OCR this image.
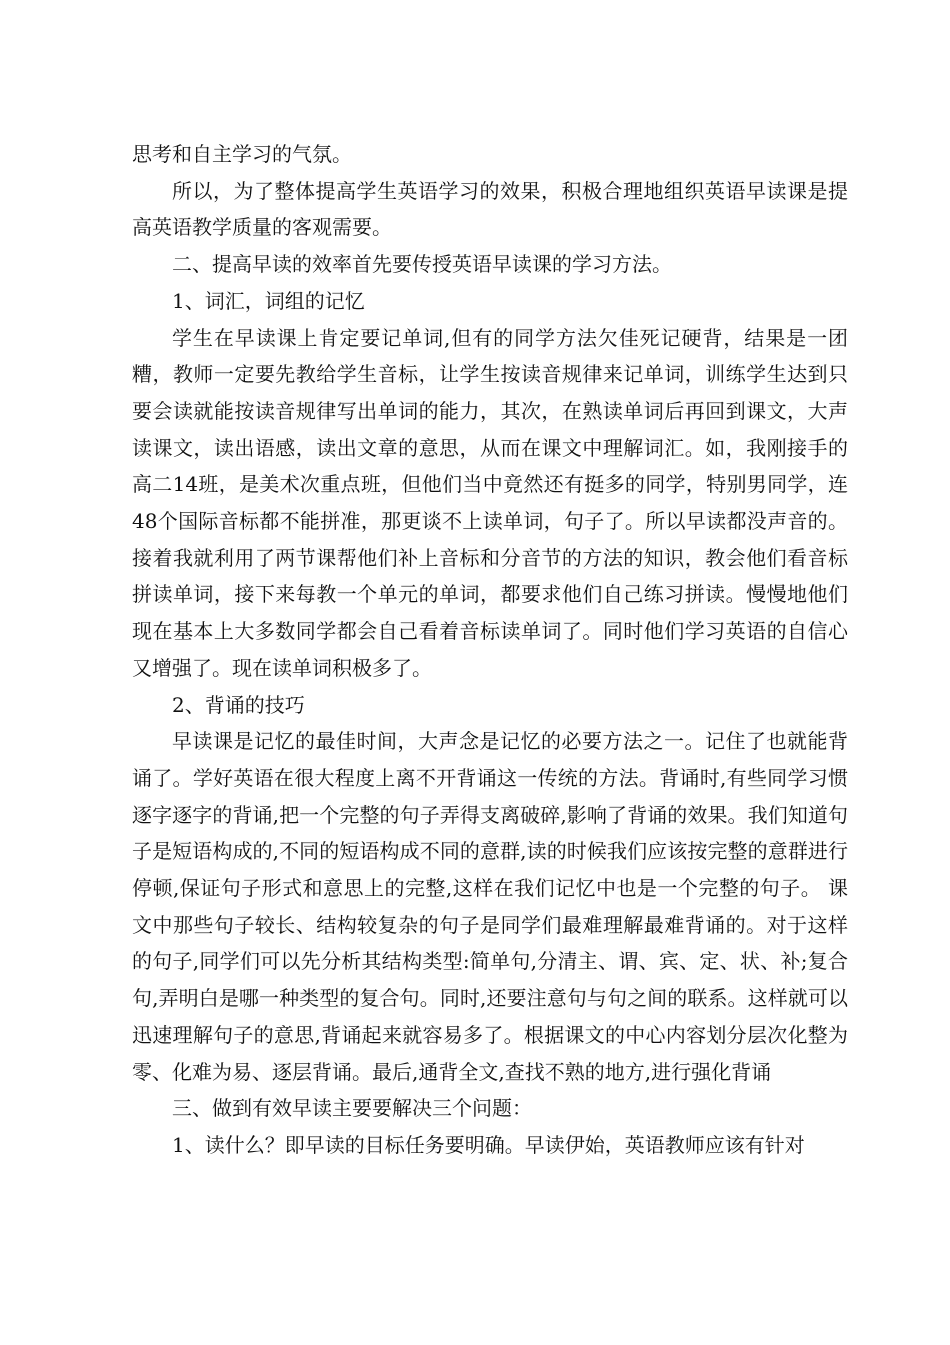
思考和自主学习的气氛。

所以，为了整体提高学生英语学习的效果，积极合理地组织英语早读课是提高英语教学质量的客观需要。

二、提高早读的效率首先要传授英语早读课的学习方法。

1、词汇，词组的记忆

学生在早读课上肯定要记单词,但有的同学方法欠佳死记硬背，结果是一团糟，教师一定要先教给学生音标，让学生按读音规律来记单词，训练学生达到只要会读就能按读音规律写出单词的能力，其次，在熟读单词后再回到课文，大声读课文，读出语感，读出文章的意思，从而在课文中理解词汇。如，我刚接手的高二14班，是美术次重点班，但他们当中竟然还有挺多的同学，特别男同学，连48个国际音标都不能拼准，那更谈不上读单词，句子了。所以早读都没声音的。接着我就利用了两节课帮他们补上音标和分音节的方法的知识，教会他们看音标拼读单词，接下来每教一个单元的单词，都要求他们自己练习拼读。慢慢地他们现在基本上大多数同学都会自己看着音标读单词了。同时他们学习英语的自信心又增强了。现在读单词积极多了。

2、背诵的技巧

早读课是记忆的最佳时间，大声念是记忆的必要方法之一。记住了也就能背诵了。学好英语在很大程度上离不开背诵这一传统的方法。背诵时,有些同学习惯逐字逐字的背诵,把一个完整的句子弄得支离破碎,影响了背诵的效果。我们知道句子是短语构成的,不同的短语构成不同的意群,读的时候我们应该按完整的意群进行停顿,保证句子形式和意思上的完整,这样在我们记忆中也是一个完整的句子。 课文中那些句子较长、结构较复杂的句子是同学们最难理解最难背诵的。对于这样的句子,同学们可以先分析其结构类型:简单句,分清主、谓、宾、定、状、补;复合句,弄明白是哪一种类型的复合句。同时,还要注意句与句之间的联系。这样就可以迅速理解句子的意思,背诵起来就容易多了。根据课文的中心内容划分层次化整为零、化难为易、逐层背诵。最后,通背全文,查找不熟的地方,进行强化背诵

三、做到有效早读主要要解决三个问题：

1、读什么？即早读的目标任务要明确。早读伊始，英语教师应该有针对
